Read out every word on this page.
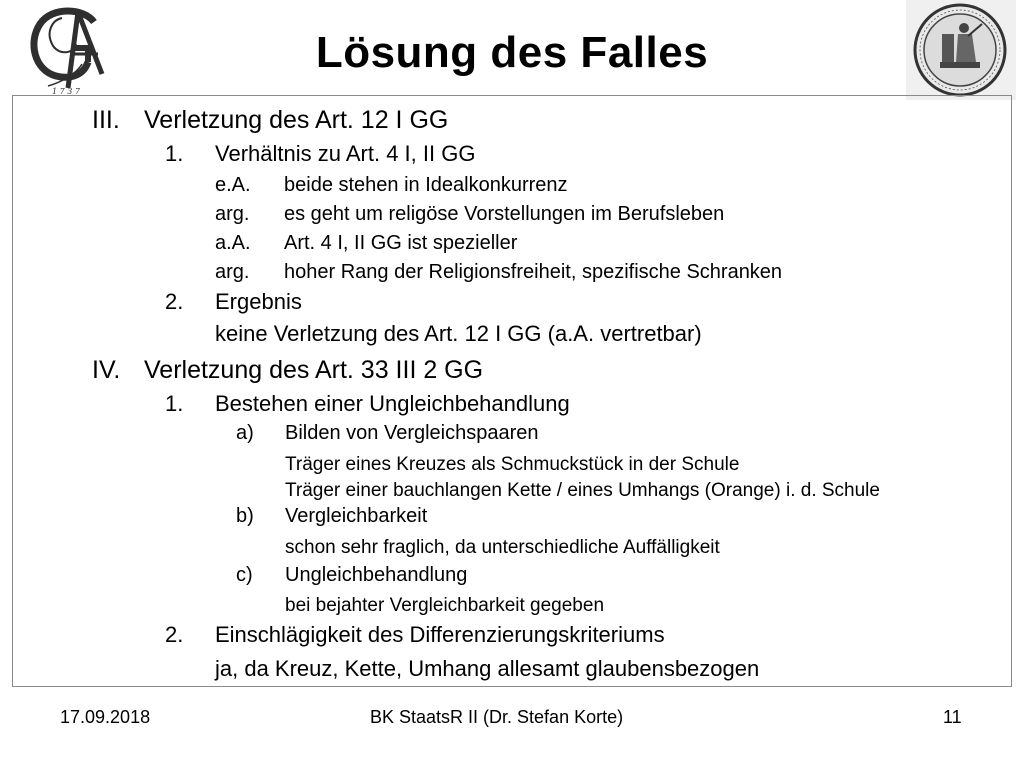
1 7 3 7
Lösung des Falles
III. Verletzung des Art. 12 I GG
1. Verhältnis zu Art. 4 I, II GG
e.A. beide stehen in Idealkonkurrenz
arg. es geht um religöse Vorstellungen im Berufsleben
a.A. Art. 4 I, II GG ist spezieller
arg. hoher Rang der Religionsfreiheit, spezifische Schranken
2. Ergebnis
keine Verletzung des Art. 12 I GG (a.A. vertretbar)
IV. Verletzung des Art. 33 III 2 GG
1. Bestehen einer Ungleichbehandlung
a) Bilden von Vergleichspaaren
Träger eines Kreuzes als Schmuckstück in der Schule
Träger einer bauchlangen Kette / eines Umhangs (Orange) i. d. Schule
b) Vergleichbarkeit
schon sehr fraglich, da unterschiedliche Auffälligkeit
c) Ungleichbehandlung
bei bejahter Vergleichbarkeit gegeben
2. Einschlägigkeit des Differenzierungskriteriums
ja, da Kreuz, Kette, Umhang allesamt glaubensbezogen
17.09.2018	BK StaatsR II (Dr. Stefan Korte)	11
